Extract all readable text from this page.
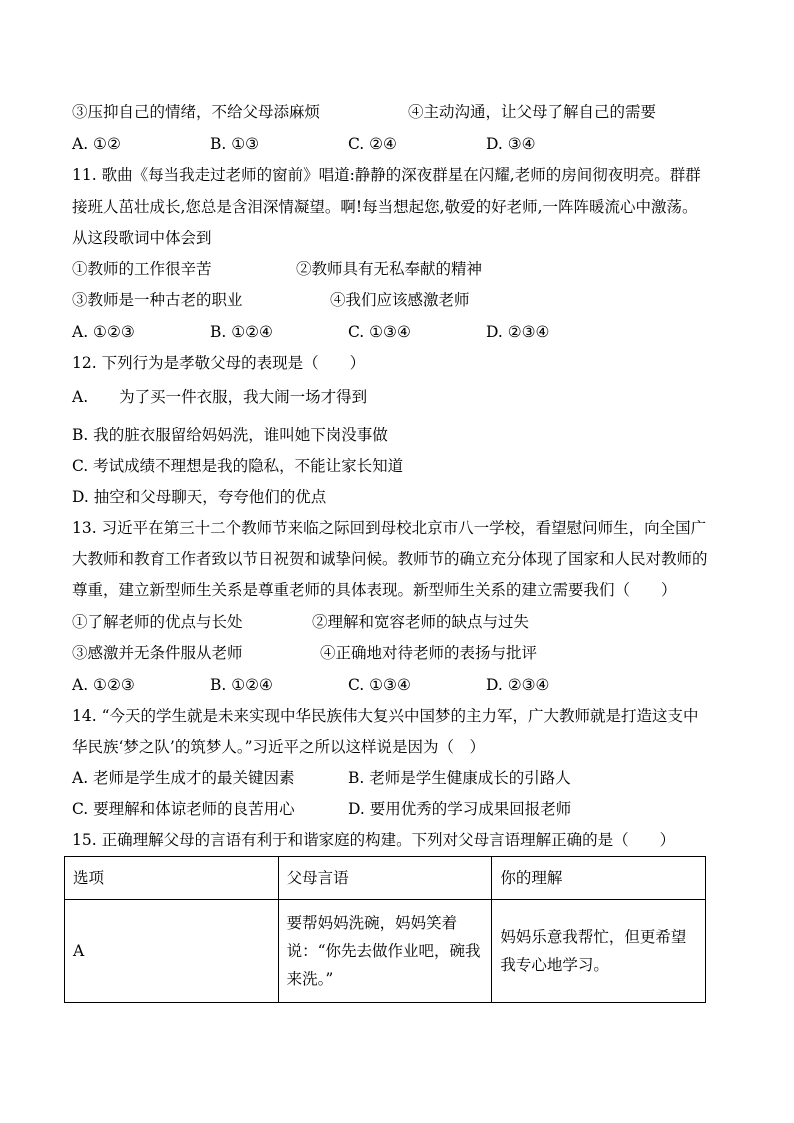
③压抑自己的情绪，不给父母添麻烦	④主动沟通，让父母了解自己的需要
A. ①②	B. ①③	C. ②④	D. ③④
11. 歌曲《每当我走过老师的窗前》唱道:静静的深夜群星在闪耀,老师的房间彻夜明亮。群群
接班人茁壮成长,您总是含泪深情凝望。啊!每当想起您,敬爱的好老师,一阵阵暖流心中激荡。
从这段歌词中体会到
①教师的工作很辛苦	②教师具有无私奉献的精神
③教师是一种古老的职业	④我们应该感激老师
A. ①②③	B. ①②④	C. ①③④	D. ②③④
12. 下列行为是孝敬父母的表现是（　　）
A.　　为了买一件衣服，我大闹一场才得到
B. 我的脏衣服留给妈妈洗，谁叫她下岗没事做
C. 考试成绩不理想是我的隐私，不能让家长知道
D. 抽空和父母聊天，夸夸他们的优点
13. 习近平在第三十二个教师节来临之际回到母校北京市八一学校，看望慰问师生，向全国广
大教师和教育工作者致以节日祝贺和诚挚问候。教师节的确立充分体现了国家和人民对教师的
尊重，建立新型师生关系是尊重老师的具体表现。新型师生关系的建立需要我们（　　）
①了解老师的优点与长处	②理解和宽容老师的缺点与过失
③感激并无条件服从老师	④正确地对待老师的表扬与批评
A. ①②③	B. ①②④	C. ①③④	D. ②③④
14. “今天的学生就是未来实现中华民族伟大复兴中国梦的主力军，广大教师就是打造这支中
华民族‘梦之队’的筑梦人。”习近平之所以这样说是因为（　）
A. 老师是学生成才的最关键因素	B. 老师是学生健康成长的引路人
C. 要理解和体谅老师的良苦用心	D. 要用优秀的学习成果回报老师
15. 正确理解父母的言语有利于和谐家庭的构建。下列对父母言语理解正确的是（　　）
选项	父母言语	你的理解
A	要帮妈妈洗碗，妈妈笑着说：“你先去做作业吧，碗我来洗。”	妈妈乐意我帮忙，但更希望我专心地学习。
